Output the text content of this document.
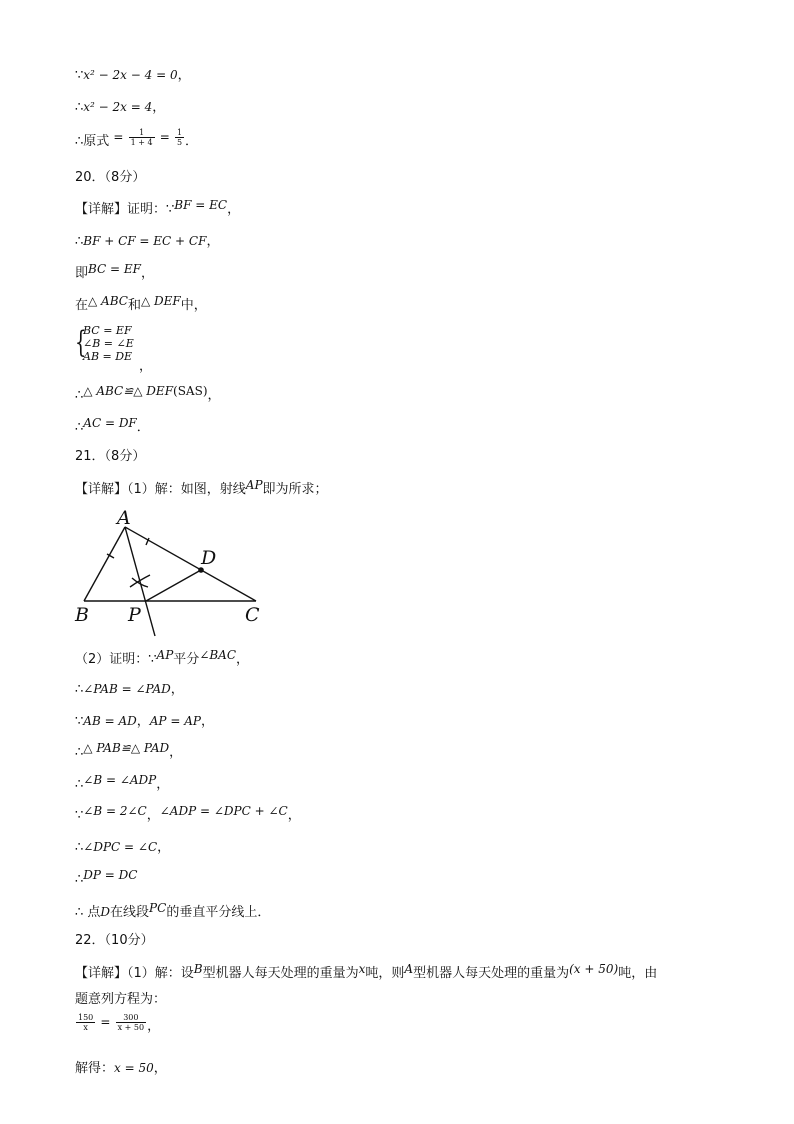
∵x² − 2x − 4 = 0，
∴x² − 2x = 4，
∴原式 = $\frac{1}{1 + 4} = \frac{1}{5}$ ．
20．（8分）
【详解】证明：∵BF = EC，
∴BF + CF = EC + CF，
即BC = EF，
在△ ABC和△ DEF中，
{
BC = EF
∠B = ∠E
AB = DE
，
∴△ ABC≌△ DEF(SAS)，
∴AC = DF．
21．（8分）
【详解】（1）解：如图，射线AP即为所求；
A
B	C
D
P
（2）证明：∵AP平分∠BAC，
∴∠PAB = ∠PAD，
∵AB = AD，AP = AP，
∴△ PAB≌△ PAD，
∴∠B = ∠ADP，
∵∠B = 2∠C，∠ADP = ∠DPC + ∠C，
∴∠DPC = ∠C，
∴DP = DC
∴ 点D在线段PC的垂直平分线上．
22．（10分）
【详解】（1）解：设B型机器人每天处理的重量为x吨，则A型机器人每天处理的重量为(x + 50)吨，由
题意列方程为：
$\frac{150}{x} = \frac{300}{x + 50}$ ，
解得：x = 50，
